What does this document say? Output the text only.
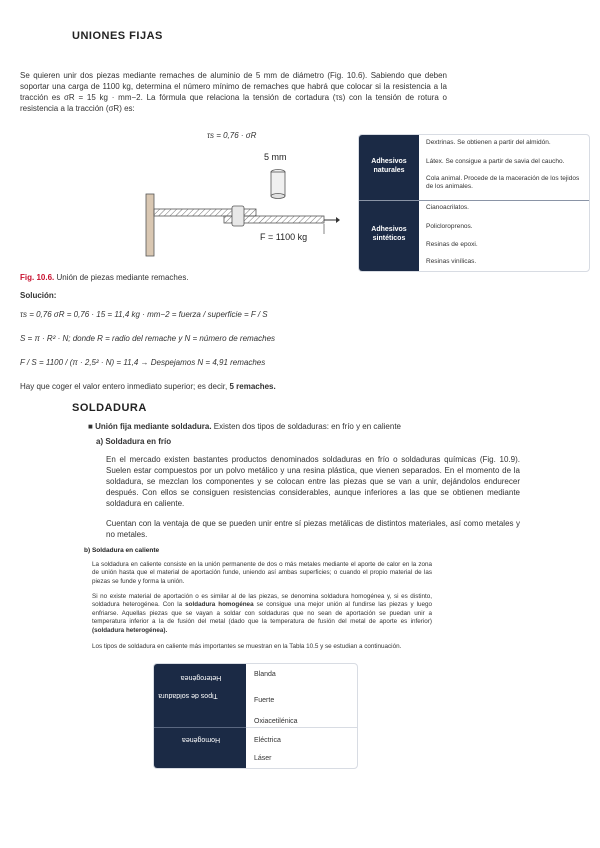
UNIONES FIJAS
Se quieren unir dos piezas mediante remaches de aluminio de 5 mm de diámetro (Fig. 10.6). Sabiendo que deben soportar una carga de 1100 kg, determina el número mínimo de remaches que habrá que colocar si la resistencia a la tracción es σR = 15 kg · mm−2. La fórmula que relaciona la tensión de cortadura (τs) con la tensión de rotura o resistencia a la tracción (σR) es:
τs = 0,76 · σR
5 mm
F = 1100 kg
Adhesivos naturales
Adhesivos sintéticos
Dextrinas. Se obtienen a partir del almidón.
Látex. Se consigue a partir de savia del caucho.
Cola animal. Procede de la maceración de los tejidos de los animales.
Cianoacrilatos.
Policloroprenos.
Resinas de epoxi.
Resinas vinílicas.
Fig. 10.6. Unión de piezas mediante remaches.
Solución:
τs = 0,76 σR = 0,76 · 15 = 11,4 kg · mm−2 = fuerza / superficie = F / S
S = π · R² · N; donde R = radio del remache y N = número de remaches
F / S = 1100 / (π · 2,5² · N) = 11,4 → Despejamos N = 4,91 remaches
Hay que coger el valor entero inmediato superior; es decir, 5 remaches.
SOLDADURA
■ Unión fija mediante soldadura. Existen dos tipos de soldaduras: en frío y en caliente
a) Soldadura en frío
En el mercado existen bastantes productos denominados soldaduras en frío o soldaduras químicas (Fig. 10.9). Suelen estar compuestos por un polvo metálico y una resina plástica, que vienen separados. En el momento de la soldadura, se mezclan los componentes y se colocan entre las piezas que se van a unir, dejándolos endurecer después. Con ellos se consiguen resistencias considerables, aunque inferiores a las que se obtienen mediante soldadura en caliente.
Cuentan con la ventaja de que se pueden unir entre sí piezas metálicas de distintos materiales, así como metales y no metales.
b) Soldadura en caliente
La soldadura en caliente consiste en la unión permanente de dos o más metales mediante el aporte de calor en la zona de unión hasta que el material de aportación funde, uniendo así ambas superficies; o cuando el propio material de las piezas se funde y forma la unión.
Si no existe material de aportación o es similar al de las piezas, se denomina soldadura homogénea y, si es distinto, soldadura heterogénea. Con la soldadura homogénea se consigue una mejor unión al fundirse las piezas y luego enfriarse. Aquellas piezas que se vayan a soldar con soldaduras que no sean de aportación se puedan unir a temperatura inferior a la de fusión del metal (dado que la temperatura de fusión del metal de aporte es inferior) (soldadura heterogénea).
Los tipos de soldadura en caliente más importantes se muestran en la Tabla 10.5 y se estudian a continuación.
Heterogénea
Tipos de soldadura
Homogénea
Blanda
Fuerte
Oxiacetilénica
Eléctrica
Láser
